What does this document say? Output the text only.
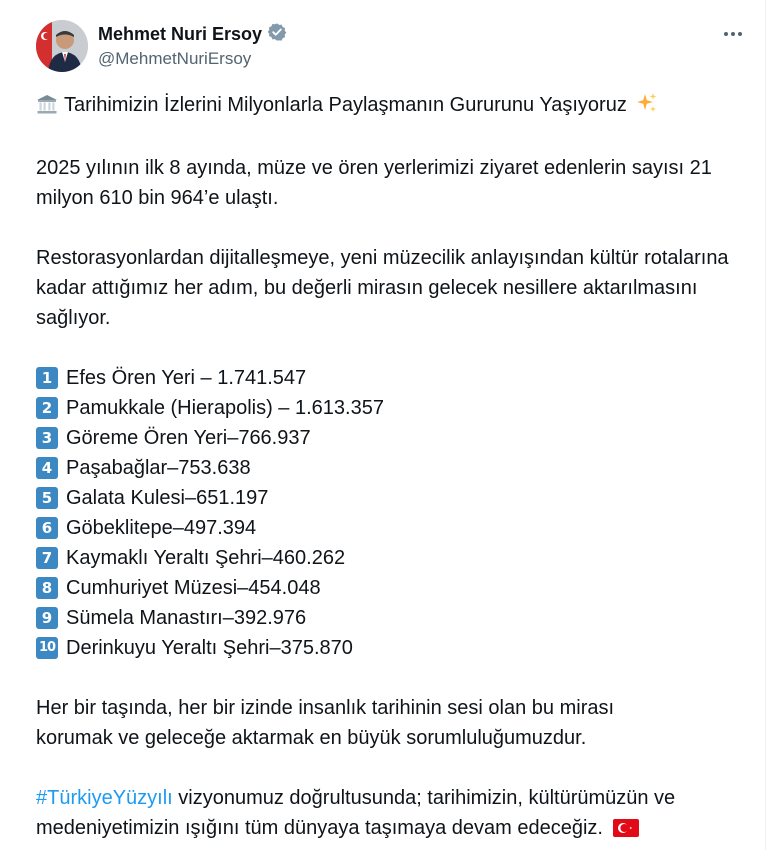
Mehmet Nuri Ersoy
@MehmetNuriErsoy

Tarihimizin İzlerini Milyonlarla Paylaşmanın Gururunu Yaşıyoruz

2025 yılının ilk 8 ayında, müze ve ören yerlerimizi ziyaret edenlerin sayısı 21 milyon 610 bin 964’e ulaştı.

Restorasyonlardan dijitalleşmeye, yeni müzecilik anlayışından kültür rotalarına kadar attığımız her adım, bu değerli mirasın gelecek nesillere aktarılmasını sağlıyor.

1 Efes Ören Yeri – 1.741.547
2 Pamukkale (Hierapolis) – 1.613.357
3 Göreme Ören Yeri–766.937
4 Paşabağlar–753.638
5 Galata Kulesi–651.197
6 Göbeklitepe–497.394
7 Kaymaklı Yeraltı Şehri–460.262
8 Cumhuriyet Müzesi–454.048
9 Sümela Manastırı–392.976
10 Derinkuyu Yeraltı Şehri–375.870

Her bir taşında, her bir izinde insanlık tarihinin sesi olan bu mirası korumak ve geleceğe aktarmak en büyük sorumluluğumuzdur.

#TürkiyeYüzyılı vizyonumuz doğrultusunda; tarihimizin, kültürümüzün ve medeniyetimizin ışığını tüm dünyaya taşımaya devam edeceğiz.
